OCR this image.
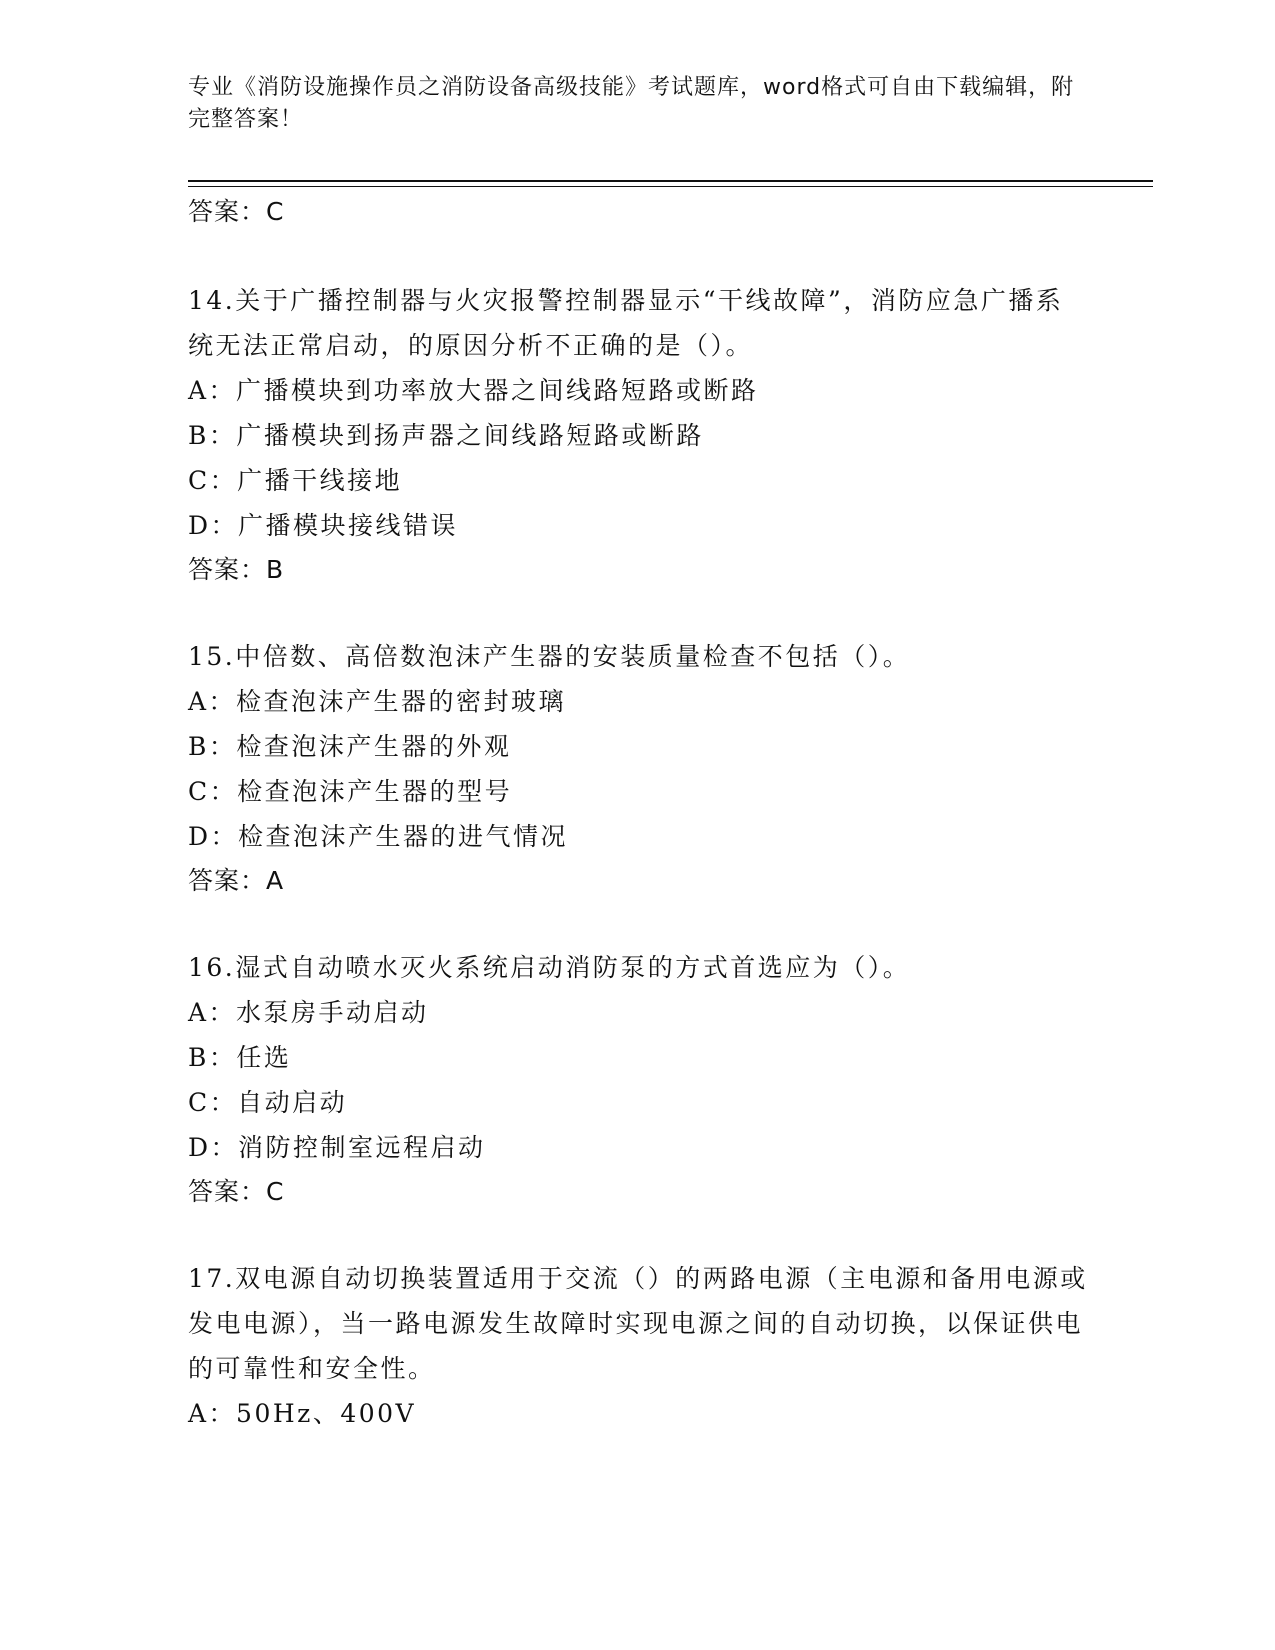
专业《消防设施操作员之消防设备高级技能》考试题库，word格式可自由下载编辑，附完整答案！

答案：C

14.关于广播控制器与火灾报警控制器显示“干线故障”，消防应急广播系统无法正常启动，的原因分析不正确的是（）。

A：广播模块到功率放大器之间线路短路或断路

B：广播模块到扬声器之间线路短路或断路

C：广播干线接地

D：广播模块接线错误

答案：B

15.中倍数、高倍数泡沫产生器的安装质量检查不包括（）。

A：检查泡沫产生器的密封玻璃

B：检查泡沫产生器的外观

C：检查泡沫产生器的型号

D：检查泡沫产生器的进气情况

答案：A

16.湿式自动喷水灭火系统启动消防泵的方式首选应为（）。

A：水泵房手动启动

B：任选

C：自动启动

D：消防控制室远程启动

答案：C

17.双电源自动切换装置适用于交流（）的两路电源（主电源和备用电源或发电电源），当一路电源发生故障时实现电源之间的自动切换，以保证供电的可靠性和安全性。

A：50Hz、400V
